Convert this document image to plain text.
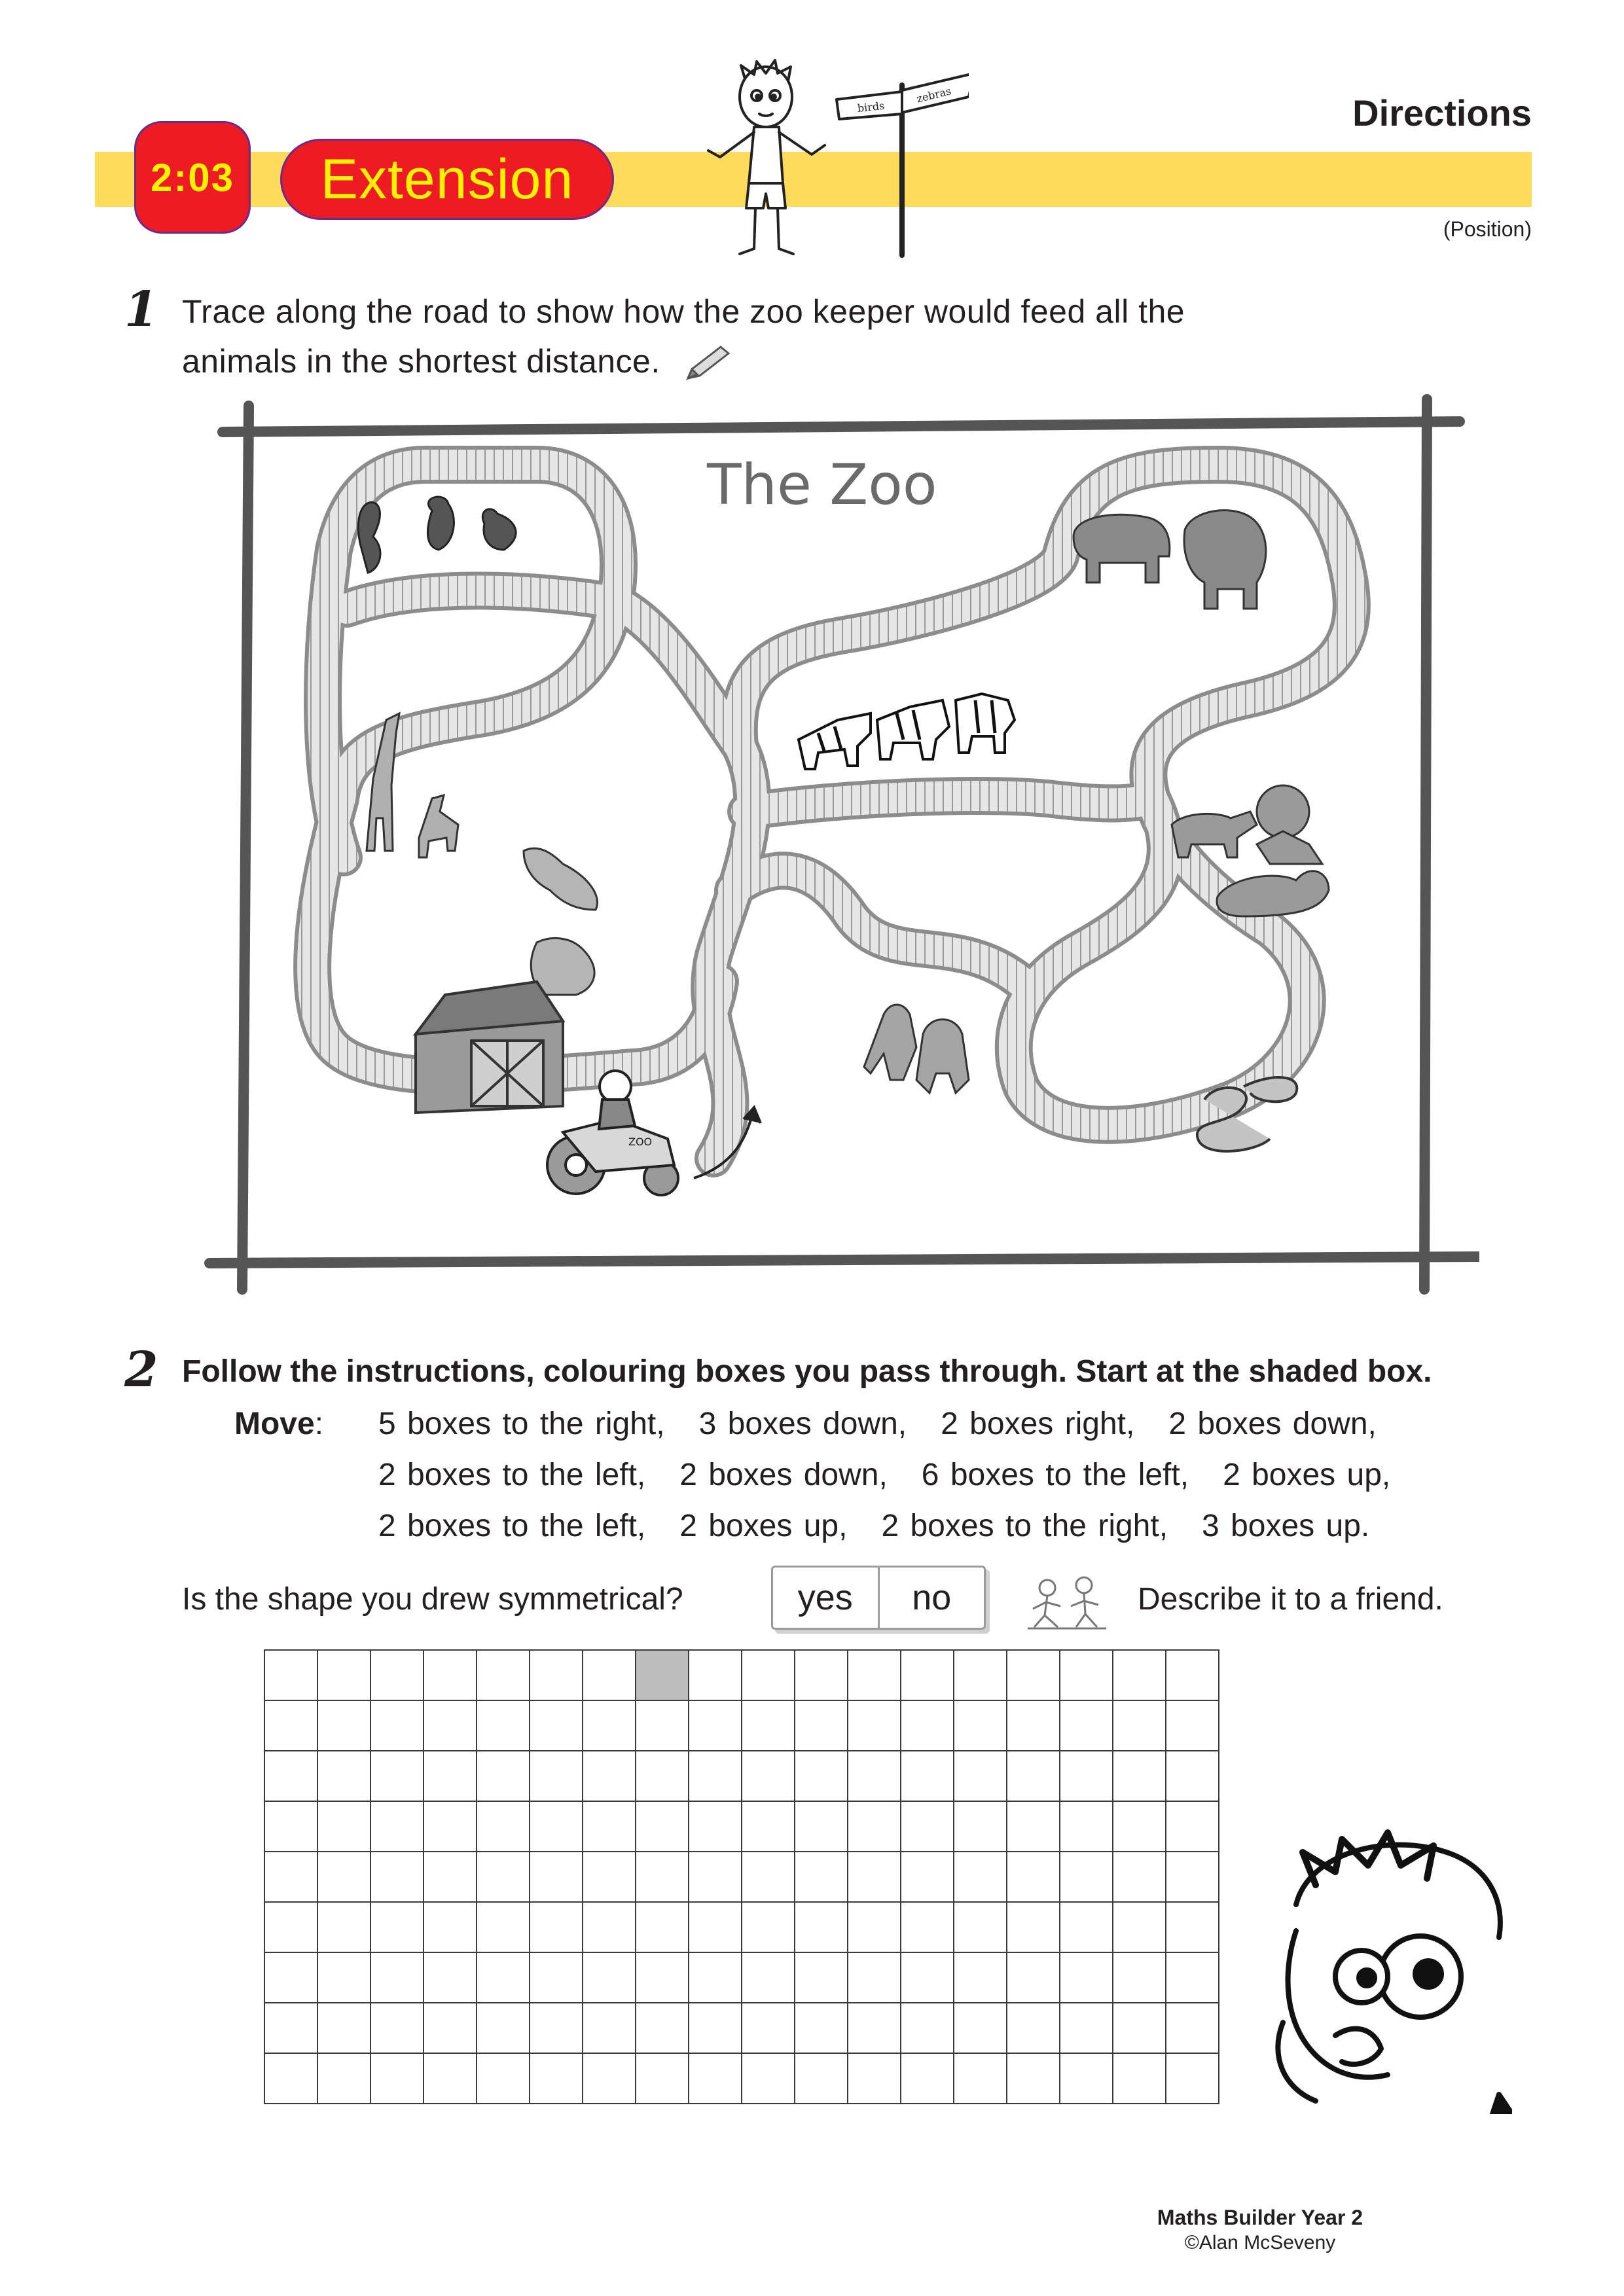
2:03	Extension
birds
zebras	Directions
(Position)
1 Trace along the road to show how the zoo keeper would feed all the
animals in the shortest distance.
The Zoo
ZOO
2 Follow the instructions, colouring boxes you pass through. Start at the shaded box.
Move: 5 boxes to the right,   3 boxes down,   2 boxes right,   2 boxes down,
2 boxes to the left,   2 boxes down,   6 boxes to the left,   2 boxes up,
2 boxes to the left,   2 boxes up,   2 boxes to the right,   3 boxes up.
Is the shape you drew symmetrical?	yes	no	Describe it to a friend.

Maths Builder Year 2
©Alan McSeveny
